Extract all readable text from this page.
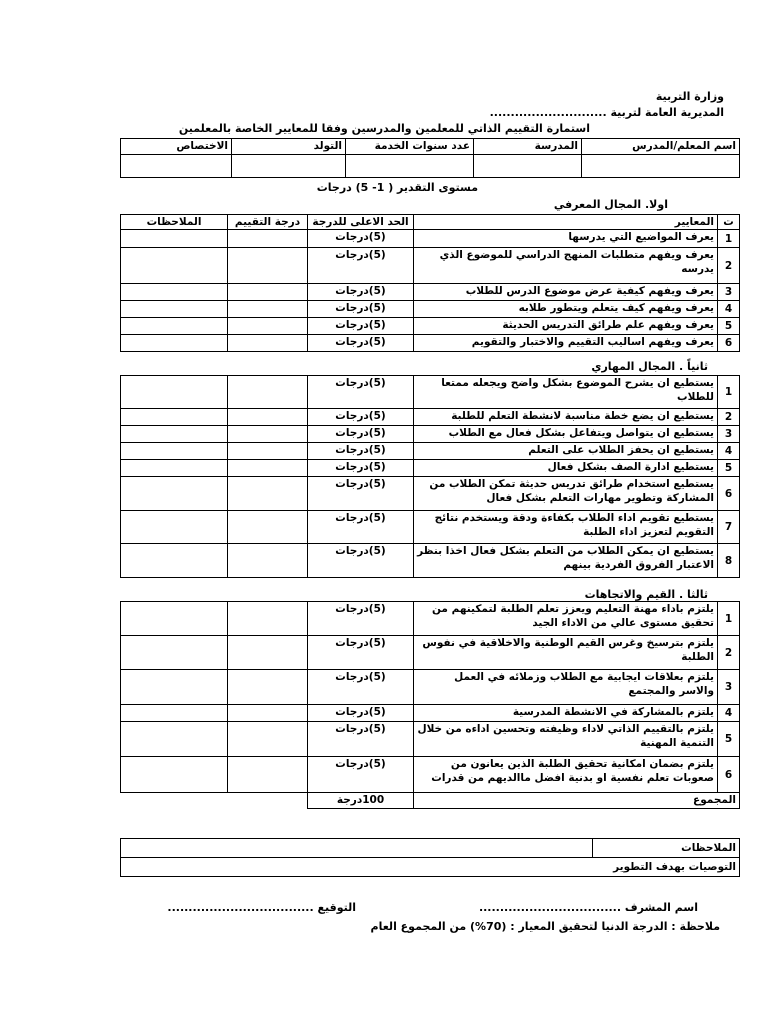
وزارة التربية
المديرية العامة لتربية ............................
استمارة التقييم الذاتي للمعلمين والمدرسين وفقا للمعايير الخاصة بالمعلمين
اسم المعلم/المدرس	المدرسة	عدد سنوات الخدمة	التولد	الاختصاص

مستوى التقدير ( 1- 5) درجات
اولا. المجال المعرفي
ت	المعايير	الحد الاعلى للدرجة	درجة التقييم	الملاحظات
1	يعرف المواضيع التي يدرسها	(5)درجات		
2	يعرف ويفهم متطلبات المنهج الدراسي للموضوع الذي يدرسه	(5)درجات		
3	يعرف ويفهم كيفية عرض موضوع الدرس للطلاب	(5)درجات		
4	يعرف ويفهم كيف يتعلم ويتطور طلابه	(5)درجات		
5	يعرف ويفهم علم طرائق التدريس الحديثة	(5)درجات		
6	يعرف ويفهم اساليب التقييم والاختبار والتقويم	(5)درجات		
ثانياً . المجال المهاري
1	يستطيع ان يشرح الموضوع بشكل واضح ويجعله ممتعا للطلاب	(5)درجات		
2	يستطيع ان يضع خطة مناسبة لانشطة التعلم للطلبة	(5)درجات		
3	يستطيع ان يتواصل ويتفاعل بشكل فعال مع الطلاب	(5)درجات		
4	يستطيع ان يحفز الطلاب على التعلم	(5)درجات		
5	يستطيع ادارة الصف بشكل فعال	(5)درجات		
6	يستطيع استخدام طرائق تدريس حديثة تمكن الطلاب من المشاركة وتطوير مهارات التعلم بشكل فعال	(5)درجات		
7	يستطيع تقويم اداء الطلاب بكفاءة ودقة ويستخدم نتائج التقويم لتعزيز اداء الطلبة	(5)درجات		
8	يستطيع ان يمكن الطلاب من التعلم بشكل فعال اخذا بنظر الاعتبار الفروق الفردية بينهم	(5)درجات		
ثالثا . القيم والاتجاهات
1	يلتزم باداء مهنة التعليم ويعزز تعلم الطلبة لتمكينهم من تحقيق مستوى عالي من الاداء الجيد	(5)درجات		
2	يلتزم بترسيخ وغرس القيم الوطنية والاخلاقية في نفوس الطلبة	(5)درجات		
3	يلتزم بعلاقات ايجابية مع الطلاب وزملائه في العمل والاسر والمجتمع	(5)درجات		
4	يلتزم بالمشاركة في الانشطة المدرسية	(5)درجات		
5	يلتزم بالتقييم الذاتي لاداء وظيفته وتحسين اداءه من خلال التنمية المهنية	(5)درجات		
6	يلتزم بضمان امكانية تحقيق الطلبة الذين يعانون من صعوبات تعلم نفسية او بدنية افضل ماالديهم من قدرات	(5)درجات		
المجموع		100درجة		
الملاحظات	
التوصيات بهدف التطوير
اسم المشرف ..................................
التوقيع ...................................
ملاحظة : الدرجة الدنيا لتحقيق المعيار : (70%) من المجموع العام
